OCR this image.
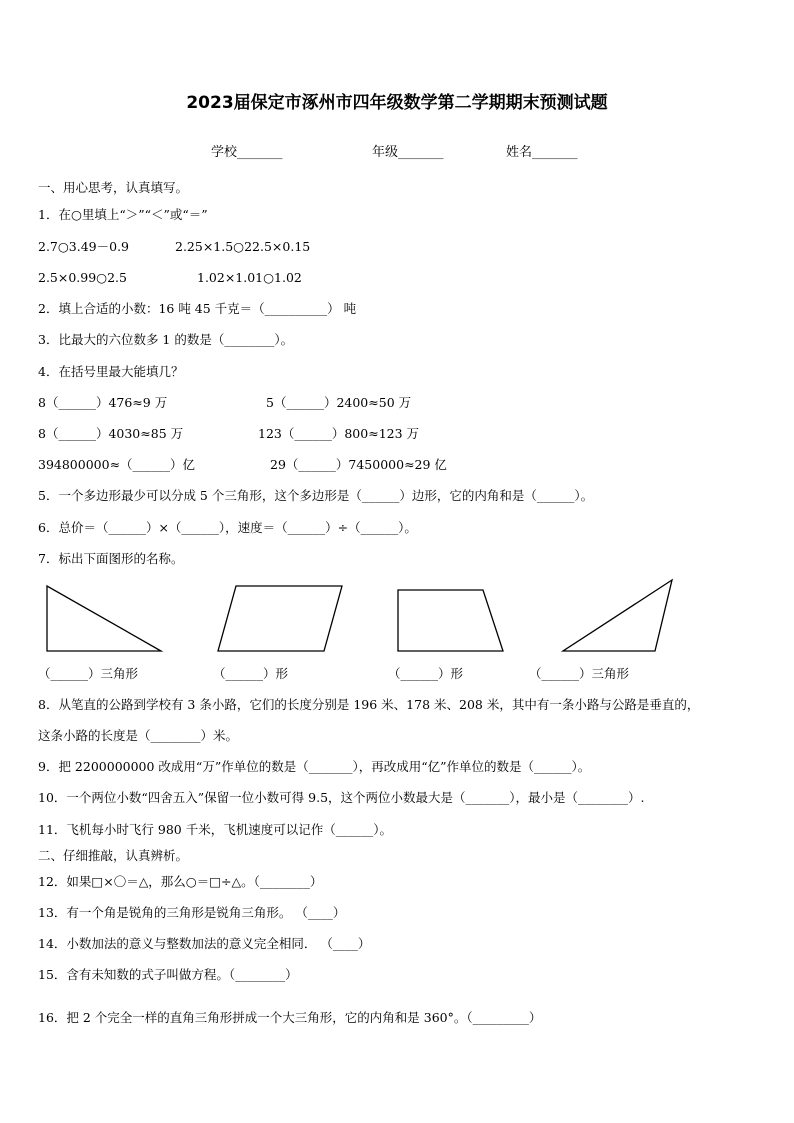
2023届保定市涿州市四年级数学第二学期期末预测试题
学校_______	年级_______	姓名_______
一、用心思考，认真填写。
1．在○里填上“＞”“＜”或“＝”
2.7○3.49－0.9	2.25×1.5○22.5×0.15
2.5×0.99○2.5	1.02×1.01○1.02
2．填上合适的小数：16 吨 45 千克＝（__________） 吨
3．比最大的六位数多 1 的数是（________）。
4．在括号里最大能填几？
8（______）476≈9 万	5（______）2400≈50 万
8（______）4030≈85 万	123（______）800≈123 万
394800000≈（______）亿	29（______）7450000≈29 亿
5．一个多边形最少可以分成 5 个三角形，这个多边形是（______）边形，它的内角和是（______）。
6．总价＝（______）×（______），速度＝（______）÷（______）。
7．标出下面图形的名称。
（______）三角形	（______）形	（______）形	（______）三角形
8．从笔直的公路到学校有 3 条小路，它们的长度分别是 196 米、178 米、208 米，其中有一条小路与公路是垂直的，
这条小路的长度是（________）米。
9．把 2200000000 改成用“万”作单位的数是（_______），再改成用“亿”作单位的数是（______）。
10．一个两位小数“四舍五入”保留一位小数可得 9.5，这个两位小数最大是（_______），最小是（________）.
11．飞机每小时飞行 980 千米，飞机速度可以记作（______）。
二、仔细推敲，认真辨析。
12．如果□×〇＝△，那么○＝□÷△。（________）
13．有一个角是锐角的三角形是锐角三角形。 （____）
14．小数加法的意义与整数加法的意义完全相同． （____）
15．含有未知数的式子叫做方程。（________）
16．把 2 个完全一样的直角三角形拼成一个大三角形，它的内角和是 360°。（_________）
